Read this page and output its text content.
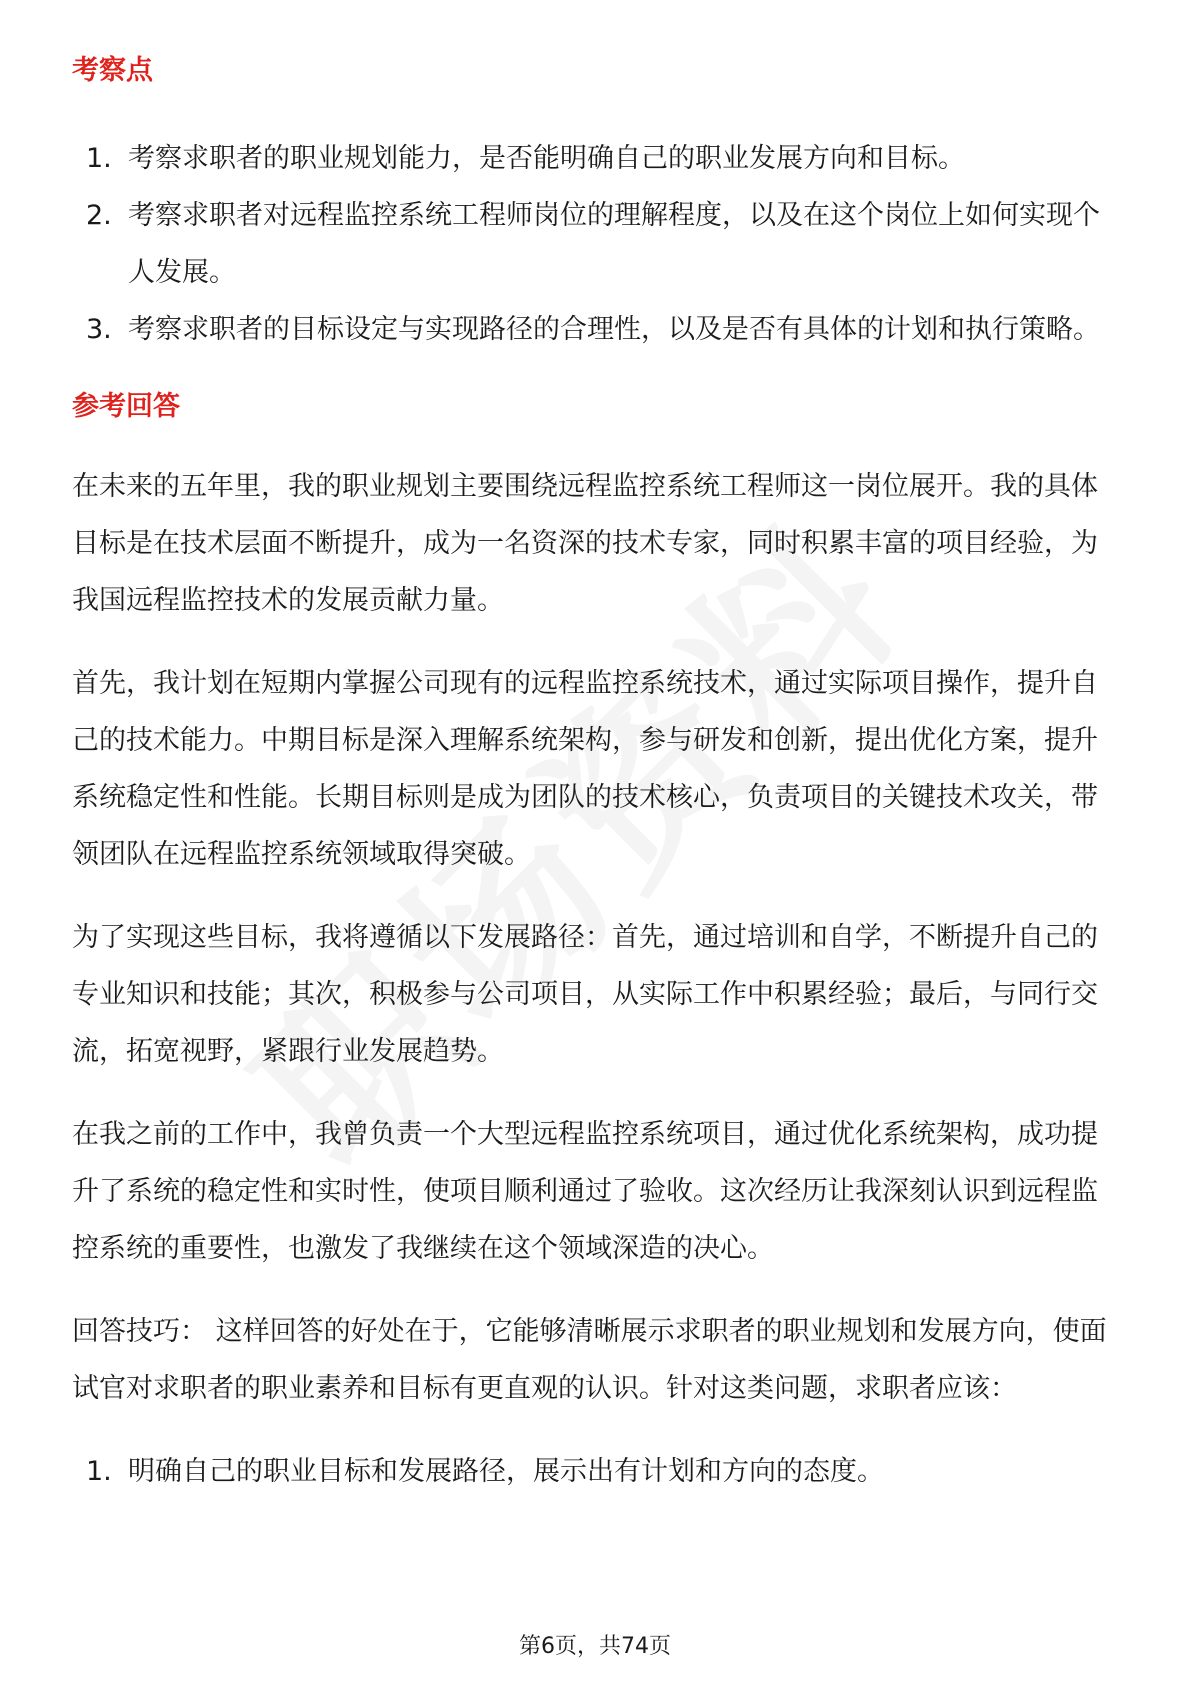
考察点
1. 考察求职者的职业规划能力，是否能明确自己的职业发展方向和目标。
2. 考察求职者对远程监控系统工程师岗位的理解程度，以及在这个岗位上如何实现个人发展。
3. 考察求职者的目标设定与实现路径的合理性，以及是否有具体的计划和执行策略。
参考回答

在未来的五年里，我的职业规划主要围绕远程监控系统工程师这一岗位展开。我的具体目标是在技术层面不断提升，成为一名资深的技术专家，同时积累丰富的项目经验，为我国远程监控技术的发展贡献力量。

首先，我计划在短期内掌握公司现有的远程监控系统技术，通过实际项目操作，提升自己的技术能力。中期目标是深入理解系统架构，参与研发和创新，提出优化方案，提升系统稳定性和性能。长期目标则是成为团队的技术核心，负责项目的关键技术攻关，带领团队在远程监控系统领域取得突破。

为了实现这些目标，我将遵循以下发展路径：首先，通过培训和自学，不断提升自己的专业知识和技能；其次，积极参与公司项目，从实际工作中积累经验；最后，与同行交流，拓宽视野，紧跟行业发展趋势。

在我之前的工作中，我曾负责一个大型远程监控系统项目，通过优化系统架构，成功提升了系统的稳定性和实时性，使项目顺利通过了验收。这次经历让我深刻认识到远程监控系统的重要性，也激发了我继续在这个领域深造的决心。

回答技巧： 这样回答的好处在于，它能够清晰展示求职者的职业规划和发展方向，使面试官对求职者的职业素养和目标有更直观的认识。针对这类问题，求职者应该：

1. 明确自己的职业目标和发展路径，展示出有计划和方向的态度。
第6页，共74页
